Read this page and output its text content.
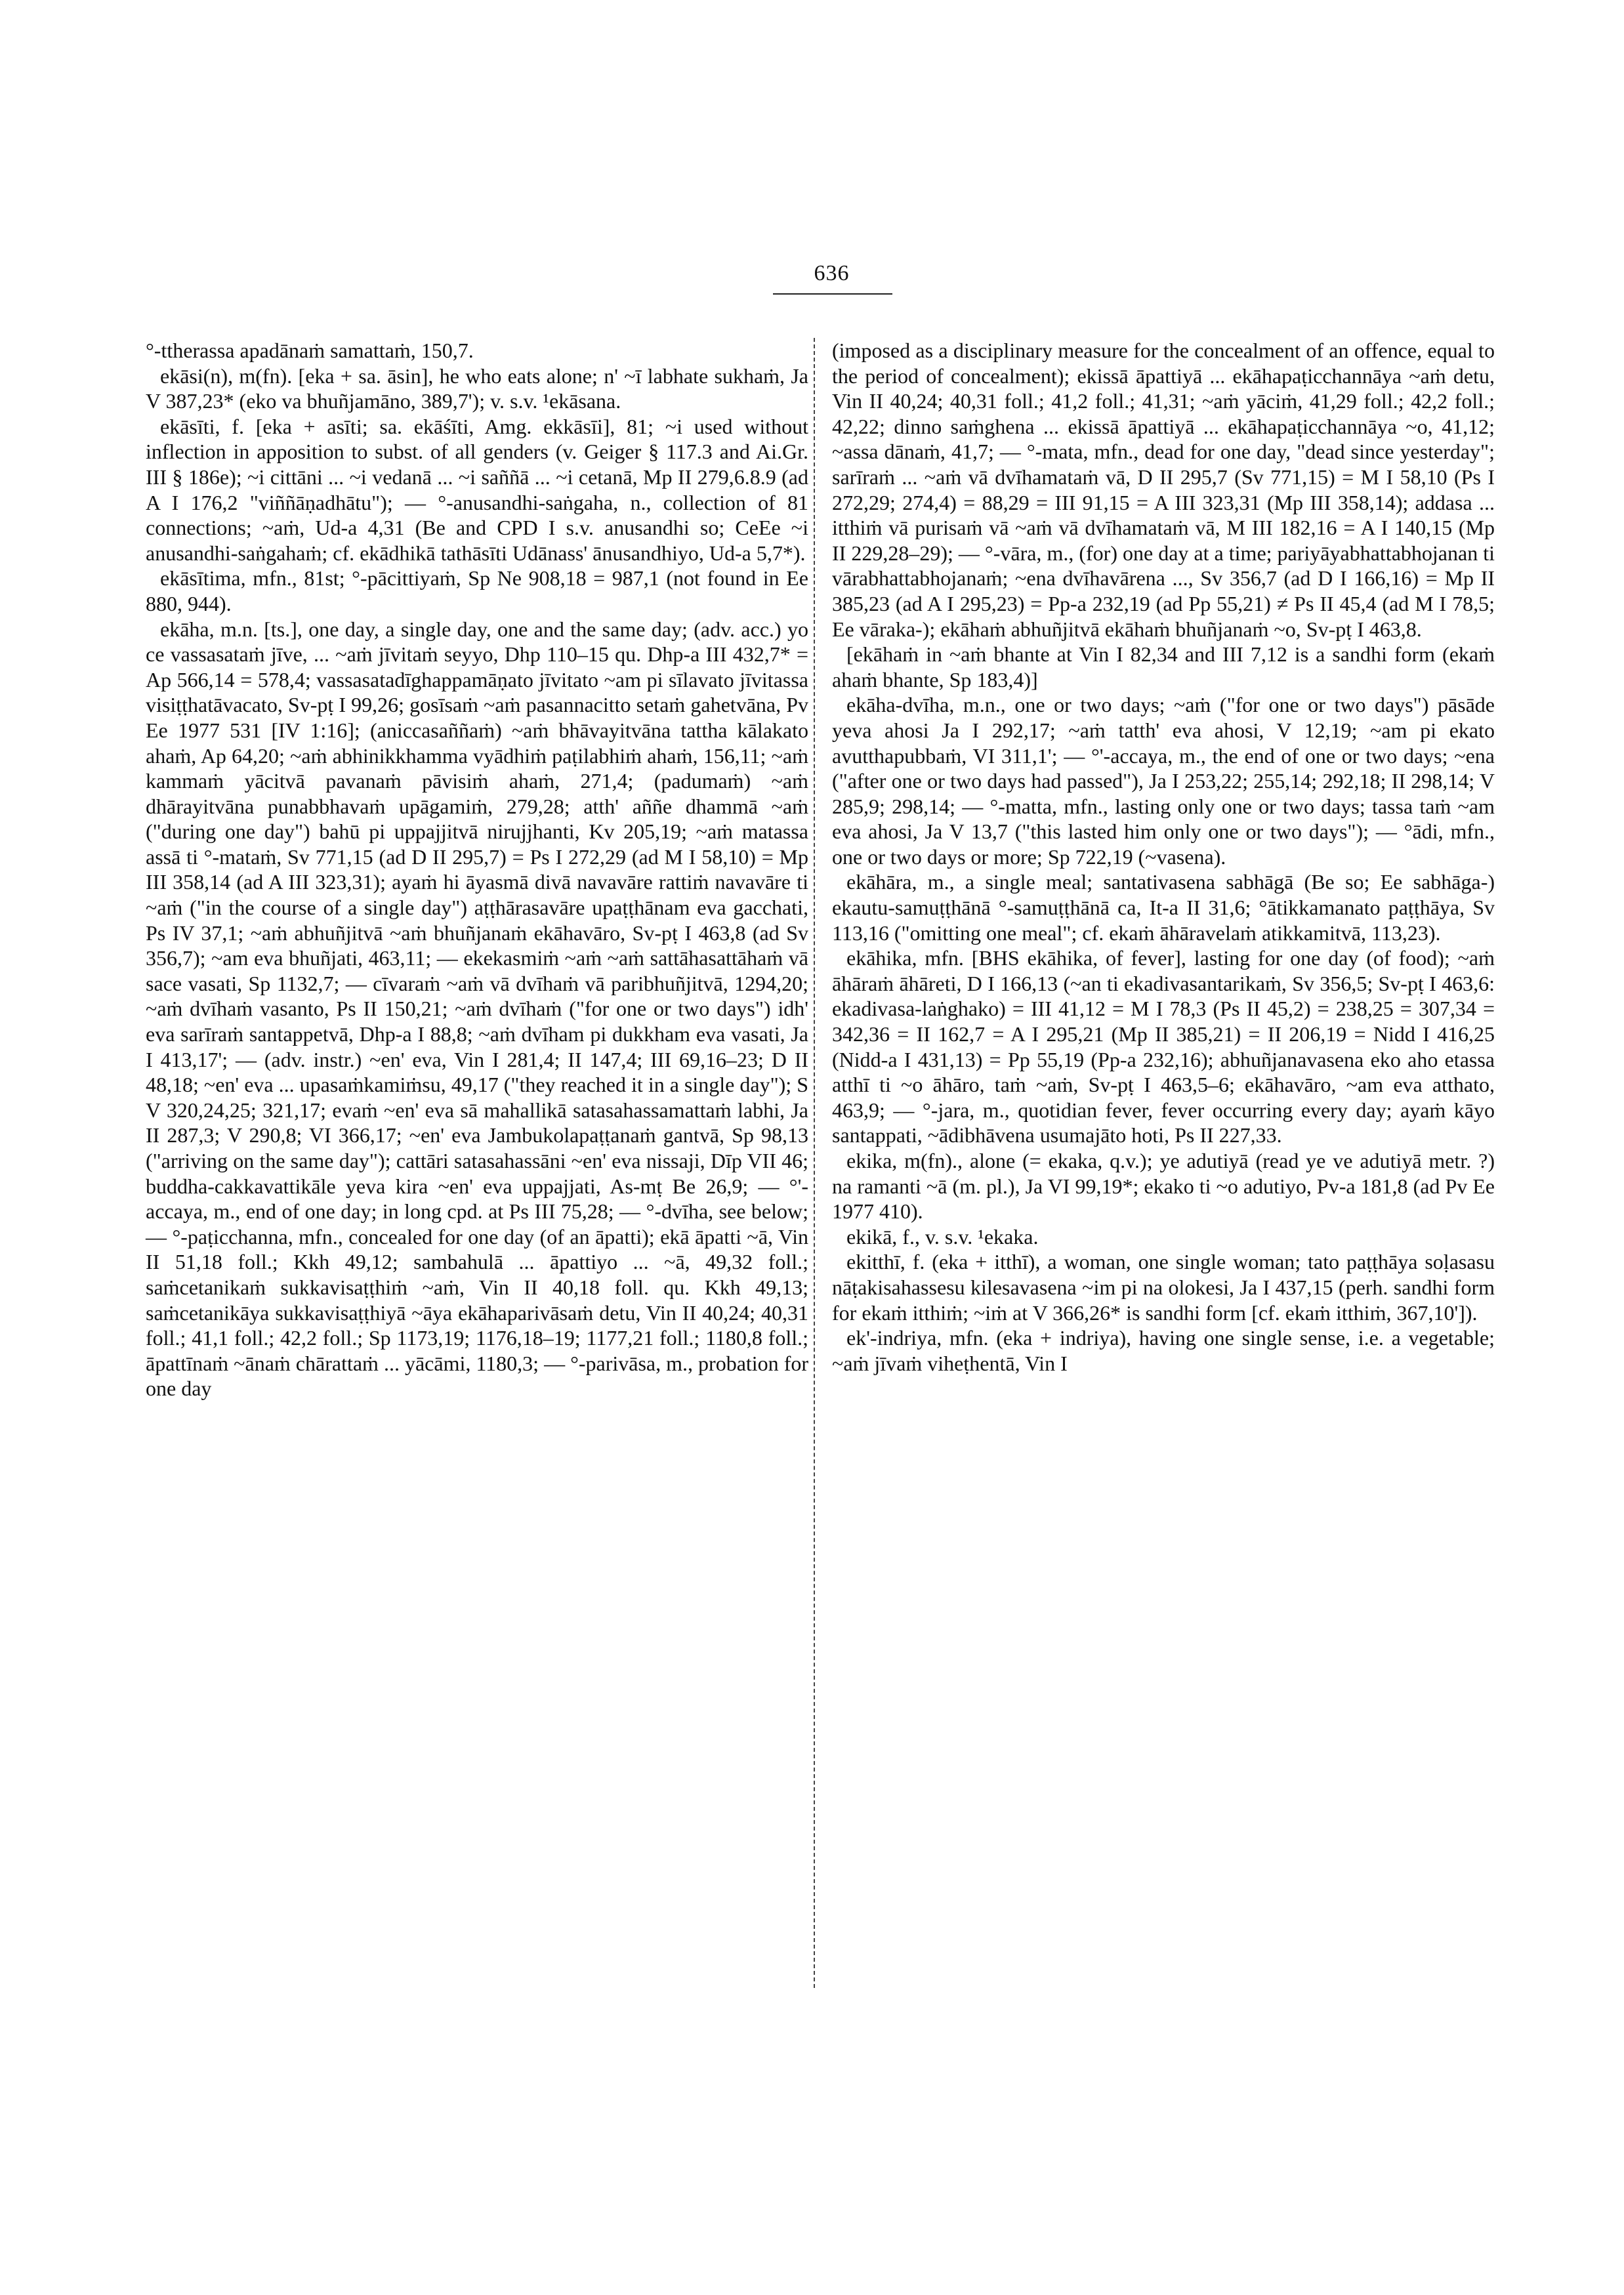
636

°-ttherassa apadānaṁ samattaṁ, 150,7.

ekāsi(n), m(fn). [eka + sa. āsin], he who eats alone; n' ~ī labhate sukhaṁ, Ja V 387,23* (eko va bhuñjamāno, 389,7'); v. s.v. ¹ekāsana.

ekāsīti, f. [eka + asīti; sa. ekāśīti, Amg. ekkāsīi], 81; ~i used without inflection in apposition to subst. of all genders (v. Geiger § 117.3 and Ai.Gr. III § 186e); ~i cittāni ... ~i vedanā ... ~i saññā ... ~i cetanā, Mp II 279,6.8.9 (ad A I 176,2 "viññāṇadhātu"); — °-anusandhi-saṅgaha, n., collection of 81 connections; ~aṁ, Ud-a 4,31 (Be and CPD I s.v. anusandhi so; CeEe ~i anusandhi-saṅgahaṁ; cf. ekādhikā tathāsīti Udānass' ānusandhiyo, Ud-a 5,7*).

ekāsītima, mfn., 81st; °-pācittiyaṁ, Sp Ne 908,18 = 987,1 (not found in Ee 880, 944).

ekāha, m.n. [ts.], one day, a single day, one and the same day; (adv. acc.) yo ce vassasataṁ jīve, ... ~aṁ jīvitaṁ seyyo, Dhp 110–15 qu. Dhp-a III 432,7* = Ap 566,14 = 578,4; vassasatadīghappamāṇato jīvitato ~am pi sīlavato jīvitassa visiṭṭhatāvacato, Sv-pṭ I 99,26; gosīsaṁ ~aṁ pasannacitto setaṁ gahetvāna, Pv Ee 1977 531 [IV 1:16]; (aniccasaññaṁ) ~aṁ bhāvayitvāna tattha kālakato ahaṁ, Ap 64,20; ~aṁ abhinikkhamma vyādhiṁ paṭilabhiṁ ahaṁ, 156,11; ~aṁ kammaṁ yācitvā pavanaṁ pāvisiṁ ahaṁ, 271,4; (padumaṁ) ~aṁ dhārayitvāna punabbhavaṁ upāgamiṁ, 279,28; atth' aññe dhammā ~aṁ ("during one day") bahū pi uppajjitvā nirujjhanti, Kv 205,19; ~aṁ matassa assā ti °-mataṁ, Sv 771,15 (ad D II 295,7) = Ps I 272,29 (ad M I 58,10) = Mp III 358,14 (ad A III 323,31); ayaṁ hi āyasmā divā navavāre rattiṁ navavāre ti ~aṁ ("in the course of a single day") aṭṭhārasavāre upaṭṭhānam eva gacchati, Ps IV 37,1; ~aṁ abhuñjitvā ~aṁ bhuñjanaṁ ekāhavāro, Sv-pṭ I 463,8 (ad Sv 356,7); ~am eva bhuñjati, 463,11; — ekekasmiṁ ~aṁ ~aṁ sattāhasattāhaṁ vā sace vasati, Sp 1132,7; — cīvaraṁ ~aṁ vā dvīhaṁ vā paribhuñjitvā, 1294,20; ~aṁ dvīhaṁ vasanto, Ps II 150,21; ~aṁ dvīhaṁ ("for one or two days") idh' eva sarīraṁ santappetvā, Dhp-a I 88,8; ~aṁ dvīham pi dukkham eva vasati, Ja I 413,17'; — (adv. instr.) ~en' eva, Vin I 281,4; II 147,4; III 69,16–23; D II 48,18; ~en' eva ... upasaṁkamiṁsu, 49,17 ("they reached it in a single day"); S V 320,24,25; 321,17; evaṁ ~en' eva sā mahallikā satasahassamattaṁ labhi, Ja II 287,3; V 290,8; VI 366,17; ~en' eva Jambukolapaṭṭanaṁ gantvā, Sp 98,13 ("arriving on the same day"); cattāri satasahassāni ~en' eva nissaji, Dīp VII 46; buddha-cakkavattikāle yeva kira ~en' eva uppajjati, As-mṭ Be 26,9; — °'-accaya, m., end of one day; in long cpd. at Ps III 75,28; — °-dvīha, see below; — °-paṭicchanna, mfn., concealed for one day (of an āpatti); ekā āpatti ~ā, Vin II 51,18 foll.; Kkh 49,12; sambahulā ... āpattiyo ... ~ā, 49,32 foll.; saṁcetanikaṁ sukkavisaṭṭhiṁ ~aṁ, Vin II 40,18 foll. qu. Kkh 49,13; saṁcetanikāya sukkavisaṭṭhiyā ~āya ekāhaparivāsaṁ detu, Vin II 40,24; 40,31 foll.; 41,1 foll.; 42,2 foll.; Sp 1173,19; 1176,18–19; 1177,21 foll.; 1180,8 foll.; āpattīnaṁ ~ānaṁ chārattaṁ ... yācāmi, 1180,3; — °-parivāsa, m., probation for one day

(imposed as a disciplinary measure for the concealment of an offence, equal to the period of concealment); ekissā āpattiyā ... ekāhapaṭicchannāya ~aṁ detu, Vin II 40,24; 40,31 foll.; 41,2 foll.; 41,31; ~aṁ yāciṁ, 41,29 foll.; 42,2 foll.; 42,22; dinno saṁghena ... ekissā āpattiyā ... ekāhapaṭicchannāya ~o, 41,12; ~assa dānaṁ, 41,7; — °-mata, mfn., dead for one day, "dead since yesterday"; sarīraṁ ... ~aṁ vā dvīhamataṁ vā, D II 295,7 (Sv 771,15) = M I 58,10 (Ps I 272,29; 274,4) = 88,29 = III 91,15 = A III 323,31 (Mp III 358,14); addasa ... itthiṁ vā purisaṁ vā ~aṁ vā dvīhamataṁ vā, M III 182,16 = A I 140,15 (Mp II 229,28–29); — °-vāra, m., (for) one day at a time; pariyāyabhattabhojanan ti vārabhattabhojanaṁ; ~ena dvīhavārena ..., Sv 356,7 (ad D I 166,16) = Mp II 385,23 (ad A I 295,23) = Pp-a 232,19 (ad Pp 55,21) ≠ Ps II 45,4 (ad M I 78,5; Ee vāraka-); ekāhaṁ abhuñjitvā ekāhaṁ bhuñjanaṁ ~o, Sv-pṭ I 463,8.

[ekāhaṁ in ~aṁ bhante at Vin I 82,34 and III 7,12 is a sandhi form (ekaṁ ahaṁ bhante, Sp 183,4)]

ekāha-dvīha, m.n., one or two days; ~aṁ ("for one or two days") pāsāde yeva ahosi Ja I 292,17; ~aṁ tatth' eva ahosi, V 12,19; ~am pi ekato avutthapubbaṁ, VI 311,1'; — °'-accaya, m., the end of one or two days; ~ena ("after one or two days had passed"), Ja I 253,22; 255,14; 292,18; II 298,14; V 285,9; 298,14; — °-matta, mfn., lasting only one or two days; tassa taṁ ~am eva ahosi, Ja V 13,7 ("this lasted him only one or two days"); — °ādi, mfn., one or two days or more; Sp 722,19 (~vasena).

ekāhāra, m., a single meal; santativasena sabhāgā (Be so; Ee sabhāga-) ekautu-samuṭṭhānā °-samuṭṭhānā ca, It-a II 31,6; °ātikkamanato paṭṭhāya, Sv 113,16 ("omitting one meal"; cf. ekaṁ āhāravelaṁ atikkamitvā, 113,23).

ekāhika, mfn. [BHS ekāhika, of fever], lasting for one day (of food); ~aṁ āhāraṁ āhāreti, D I 166,13 (~an ti ekadivasantarikaṁ, Sv 356,5; Sv-pṭ I 463,6: ekadivasa-laṅghako) = III 41,12 = M I 78,3 (Ps II 45,2) = 238,25 = 307,34 = 342,36 = II 162,7 = A I 295,21 (Mp II 385,21) = II 206,19 = Nidd I 416,25 (Nidd-a I 431,13) = Pp 55,19 (Pp-a 232,16); abhuñjanavasena eko aho etassa atthī ti ~o āhāro, taṁ ~aṁ, Sv-pṭ I 463,5–6; ekāhavāro, ~am eva atthato, 463,9; — °-jara, m., quotidian fever, fever occurring every day; ayaṁ kāyo santappati, ~ādibhāvena usumajāto hoti, Ps II 227,33.

ekika, m(fn)., alone (= ekaka, q.v.); ye adutiyā (read ye ve adutiyā metr. ?) na ramanti ~ā (m. pl.), Ja VI 99,19*; ekako ti ~o adutiyo, Pv-a 181,8 (ad Pv Ee 1977 410).

ekikā, f., v. s.v. ¹ekaka.

ekitthī, f. (eka + itthī), a woman, one single woman; tato paṭṭhāya soḷasasu nāṭakisahassesu kilesavasena ~im pi na olokesi, Ja I 437,15 (perh. sandhi form for ekaṁ itthiṁ; ~iṁ at V 366,26* is sandhi form [cf. ekaṁ itthiṁ, 367,10']).

ek'-indriya, mfn. (eka + indriya), having one single sense, i.e. a vegetable; ~aṁ jīvaṁ viheṭhentā, Vin I
